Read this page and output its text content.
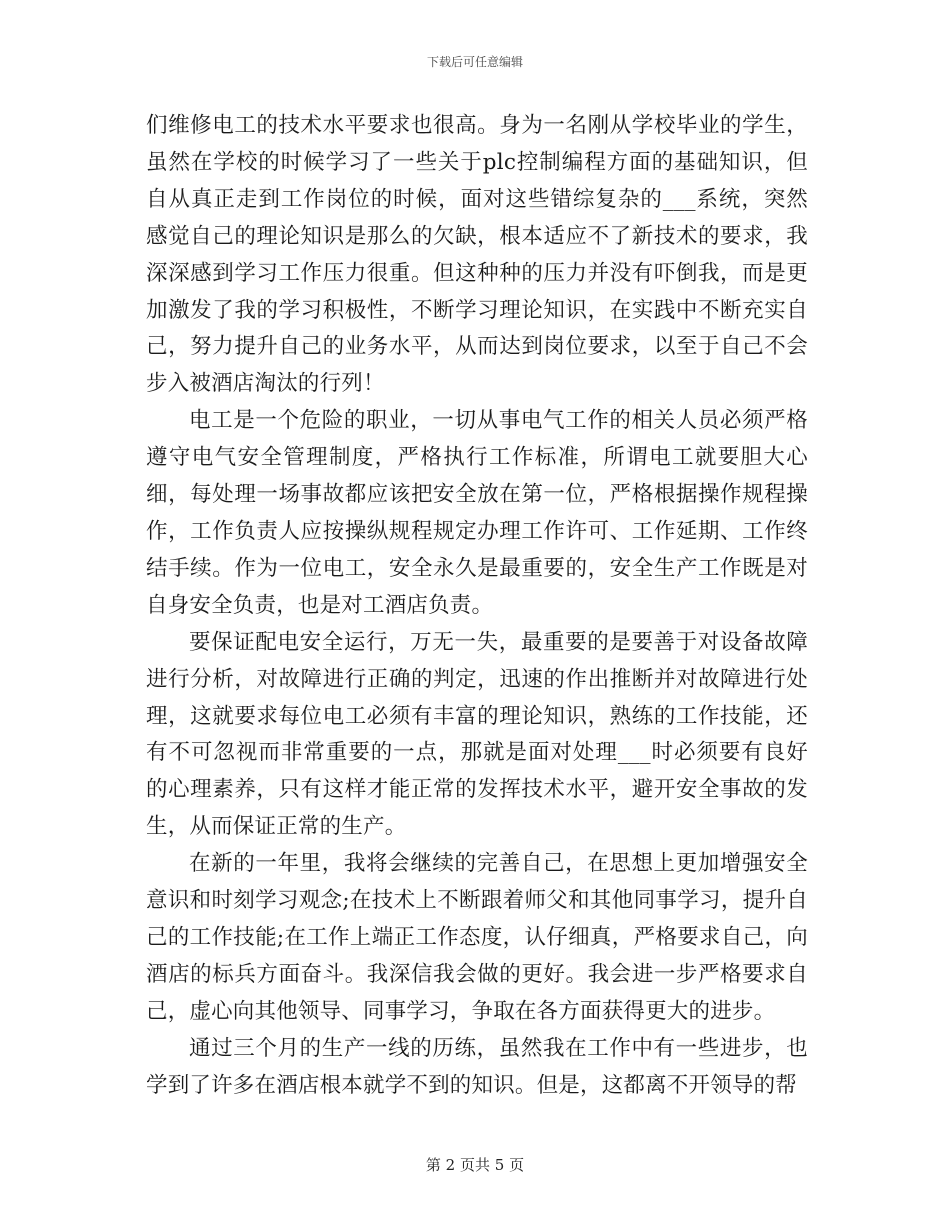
下载后可任意编辑

们维修电工的技术水平要求也很高。身为一名刚从学校毕业的学生，虽然在学校的时候学习了一些关于plc控制编程方面的基础知识，但自从真正走到工作岗位的时候，面对这些错综复杂的___系统，突然感觉自己的理论知识是那么的欠缺，根本适应不了新技术的要求，我深深感到学习工作压力很重。但这种种的压力并没有吓倒我，而是更加激发了我的学习积极性，不断学习理论知识，在实践中不断充实自己，努力提升自己的业务水平，从而达到岗位要求，以至于自己不会步入被酒店淘汰的行列！

电工是一个危险的职业，一切从事电气工作的相关人员必须严格遵守电气安全管理制度，严格执行工作标准，所谓电工就要胆大心细，每处理一场事故都应该把安全放在第一位，严格根据操作规程操作，工作负责人应按操纵规程规定办理工作许可、工作延期、工作终结手续。作为一位电工，安全永久是最重要的，安全生产工作既是对自身安全负责，也是对工酒店负责。

要保证配电安全运行，万无一失，最重要的是要善于对设备故障进行分析，对故障进行正确的判定，迅速的作出推断并对故障进行处理，这就要求每位电工必须有丰富的理论知识，熟练的工作技能，还有不可忽视而非常重要的一点，那就是面对处理___时必须要有良好的心理素养，只有这样才能正常的发挥技术水平，避开安全事故的发生，从而保证正常的生产。

在新的一年里，我将会继续的完善自己，在思想上更加增强安全意识和时刻学习观念;在技术上不断跟着师父和其他同事学习，提升自己的工作技能;在工作上端正工作态度，认仔细真，严格要求自己，向酒店的标兵方面奋斗。我深信我会做的更好。我会进一步严格要求自己，虚心向其他领导、同事学习，争取在各方面获得更大的进步。

通过三个月的生产一线的历练，虽然我在工作中有一些进步，也学到了许多在酒店根本就学不到的知识。但是，这都离不开领导的帮

第 2 页共 5 页
